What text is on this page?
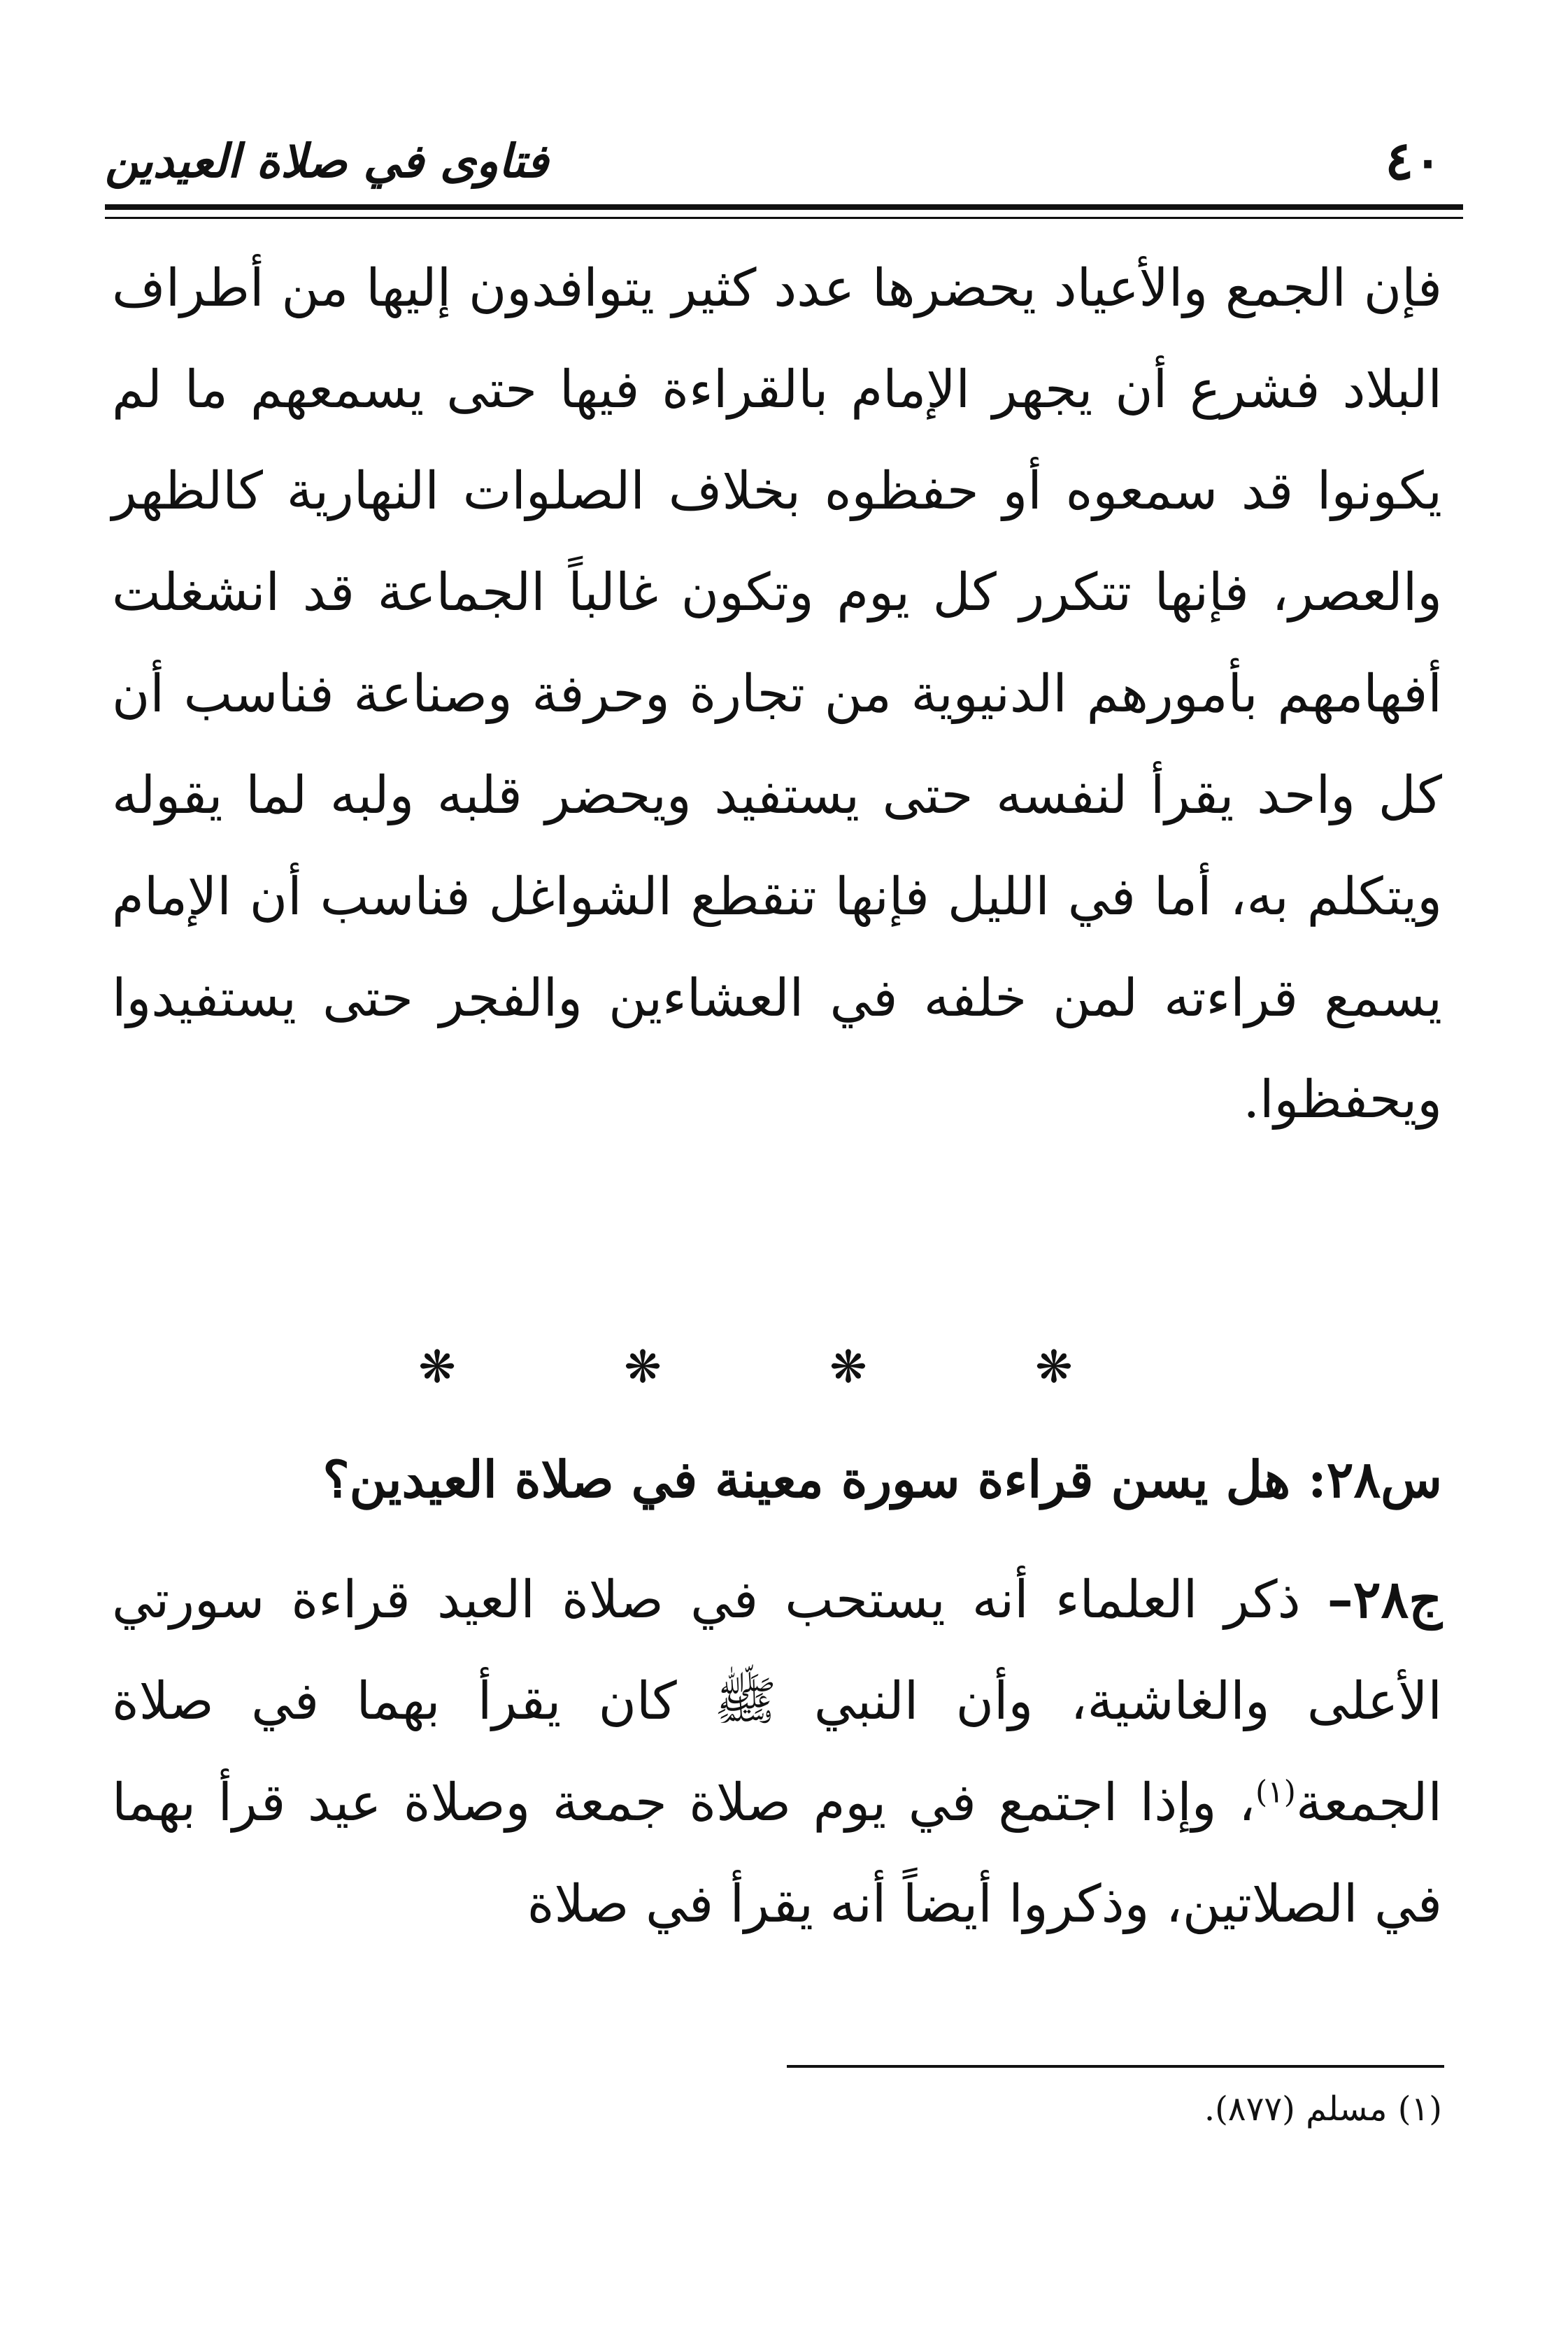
٤٠
فتاوى في صلاة العيدين

فإن الجمع والأعياد يحضرها عدد كثير يتوافدون إليها من أطراف البلاد فشرع أن يجهر الإمام بالقراءة فيها حتى يسمعهم ما لم يكونوا قد سمعوه أو حفظوه بخلاف الصلوات النهارية كالظهر والعصر، فإنها تتكرر كل يوم وتكون غالباً الجماعة قد انشغلت أفهامهم بأمورهم الدنيوية من تجارة وحرفة وصناعة فناسب أن كل واحد يقرأ لنفسه حتى يستفيد ويحضر قلبه ولبه لما يقوله ويتكلم به، أما في الليل فإنها تنقطع الشواغل فناسب أن الإمام يسمع قراءته لمن خلفه في العشاءين والفجر حتى يستفيدوا ويحفظوا.

❋ ❋ ❋ ❋
س٢٨: هل يسن قراءة سورة معينة في صلاة العيدين؟

ج٢٨– ذكر العلماء أنه يستحب في صلاة العيد قراءة سورتي الأعلى والغاشية، وأن النبي ﷺ كان يقرأ بهما في صلاة الجمعة$^{(١)}$، وإذا اجتمع في يوم صلاة جمعة وصلاة عيد قرأ بهما في الصلاتين، وذكروا أيضاً أنه يقرأ في صلاة

(١) مسلم (٨٧٧).
